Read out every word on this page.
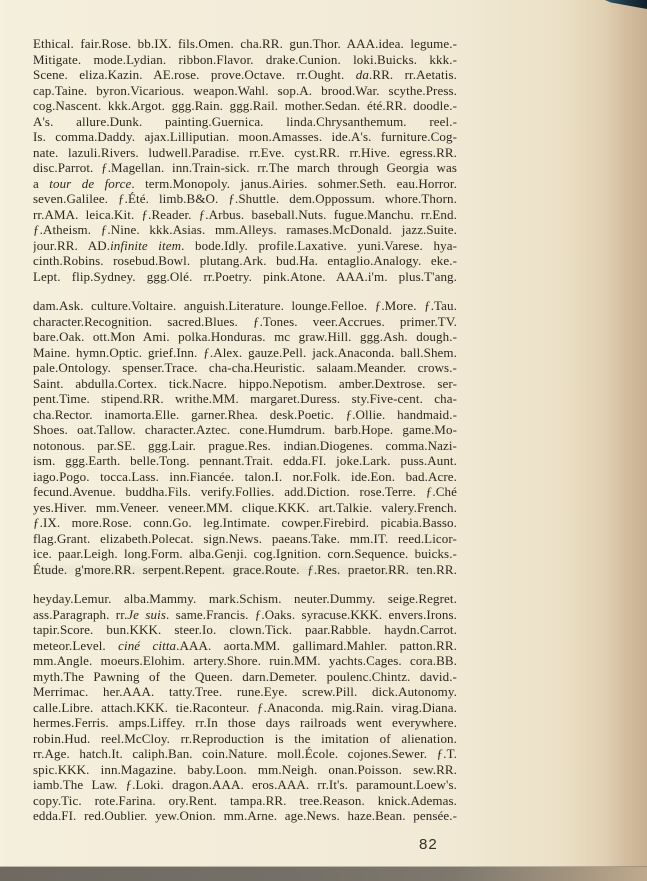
Ethical. fair.Rose. bb.IX. fils.Omen. cha.RR. gun.Thor. AAA.idea. legume.-
Mitigate. mode.Lydian. ribbon.Flavor. drake.Cunion. loki.Buicks. kkk.-
Scene. eliza.Kazin. AE.rose. prove.Octave. rr.Ought. da.RR. rr.Aetatis.
cap.Taine. byron.Vicarious. weapon.Wahl. sop.A. brood.War. scythe.Press.
cog.Nascent. kkk.Argot. ggg.Rain. ggg.Rail. mother.Sedan. été.RR. doodle.-
A's. allure.Dunk. painting.Guernica. linda.Chrysanthemum. reel.-
Is. comma.Daddy. ajax.Lilliputian. moon.Amasses. ide.A's. furniture.Cog-
nate. lazuli.Rivers. ludwell.Paradise. rr.Eve. cyst.RR. rr.Hive. egress.RR.
disc.Parrot. ƒ.Magellan. inn.Train-sick. rr.The march through Georgia was
a tour de force. term.Monopoly. janus.Airies. sohmer.Seth. eau.Horror.
seven.Galilee. ƒ.Été. limb.B&O. ƒ.Shuttle. dem.Oppossum. whore.Thorn.
rr.AMA. leica.Kit. ƒ.Reader. ƒ.Arbus. baseball.Nuts. fugue.Manchu. rr.End.
ƒ.Atheism. ƒ.Nine. kkk.Asias. mm.Alleys. ramases.McDonald. jazz.Suite.
jour.RR. AD.infinite item. bode.Idly. profile.Laxative. yuni.Varese. hya-
cinth.Robins. rosebud.Bowl. plutang.Ark. bud.Ha. entaglio.Analogy. eke.-
Lept. flip.Sydney. ggg.Olé. rr.Poetry. pink.Atone. AAA.i'm. plus.T'ang.
dam.Ask. culture.Voltaire. anguish.Literature. lounge.Felloe. ƒ.More. ƒ.Tau.
character.Recognition. sacred.Blues. ƒ.Tones. veer.Accrues. primer.TV.
bare.Oak. ott.Mon Ami. polka.Honduras. mc graw.Hill. ggg.Ash. dough.-
Maine. hymn.Optic. grief.Inn. ƒ.Alex. gauze.Pell. jack.Anaconda. ball.Shem.
pale.Ontology. spenser.Trace. cha-cha.Heuristic. salaam.Meander. crows.-
Saint. abdulla.Cortex. tick.Nacre. hippo.Nepotism. amber.Dextrose. ser-
pent.Time. stipend.RR. writhe.MM. margaret.Duress. sty.Five-cent. cha-
cha.Rector. inamorta.Elle. garner.Rhea. desk.Poetic. ƒ.Ollie. handmaid.-
Shoes. oat.Tallow. character.Aztec. cone.Humdrum. barb.Hope. game.Mo-
notonous. par.SE. ggg.Lair. prague.Res. indian.Diogenes. comma.Nazi-
ism. ggg.Earth. belle.Tong. pennant.Trait. edda.FI. joke.Lark. puss.Aunt.
iago.Pogo. tocca.Lass. inn.Fiancée. talon.I. nor.Folk. ide.Eon. bad.Acre.
fecund.Avenue. buddha.Fils. verify.Follies. add.Diction. rose.Terre. ƒ.Ché
yes.Hiver. mm.Veneer. veneer.MM. clique.KKK. art.Talkie. valery.French.
ƒ.IX. more.Rose. conn.Go. leg.Intimate. cowper.Firebird. picabia.Basso.
flag.Grant. elizabeth.Polecat. sign.News. paeans.Take. mm.IT. reed.Licor-
ice. paar.Leigh. long.Form. alba.Genji. cog.Ignition. corn.Sequence. buicks.-
Étude. g'more.RR. serpent.Repent. grace.Route. ƒ.Res. praetor.RR. ten.RR.
heyday.Lemur. alba.Mammy. mark.Schism. neuter.Dummy. seige.Regret.
ass.Paragraph. rr.Je suis. same.Francis. ƒ.Oaks. syracuse.KKK. envers.Irons.
tapir.Score. bun.KKK. steer.Io. clown.Tick. paar.Rabble. haydn.Carrot.
meteor.Level. ciné citta.AAA. aorta.MM. gallimard.Mahler. patton.RR.
mm.Angle. moeurs.Elohim. artery.Shore. ruin.MM. yachts.Cages. cora.BB.
myth.The Pawning of the Queen. darn.Demeter. poulenc.Chintz. david.-
Merrimac. her.AAA. tatty.Tree. rune.Eye. screw.Pill. dick.Autonomy.
calle.Libre. attach.KKK. tie.Raconteur. ƒ.Anaconda. mig.Rain. virag.Diana.
hermes.Ferris. amps.Liffey. rr.In those days railroads went everywhere.
robin.Hud. reel.McCloy. rr.Reproduction is the imitation of alienation.
rr.Age. hatch.It. caliph.Ban. coin.Nature. moll.École. cojones.Sewer. ƒ.T.
spic.KKK. inn.Magazine. baby.Loon. mm.Neigh. onan.Poisson. sew.RR.
iamb.The Law. ƒ.Loki. dragon.AAA. eros.AAA. rr.It's. paramount.Loew's.
copy.Tic. rote.Farina. ory.Rent. tampa.RR. tree.Reason. knick.Ademas.
edda.FI. red.Oublier. yew.Onion. mm.Arne. age.News. haze.Bean. pensée.-
82
